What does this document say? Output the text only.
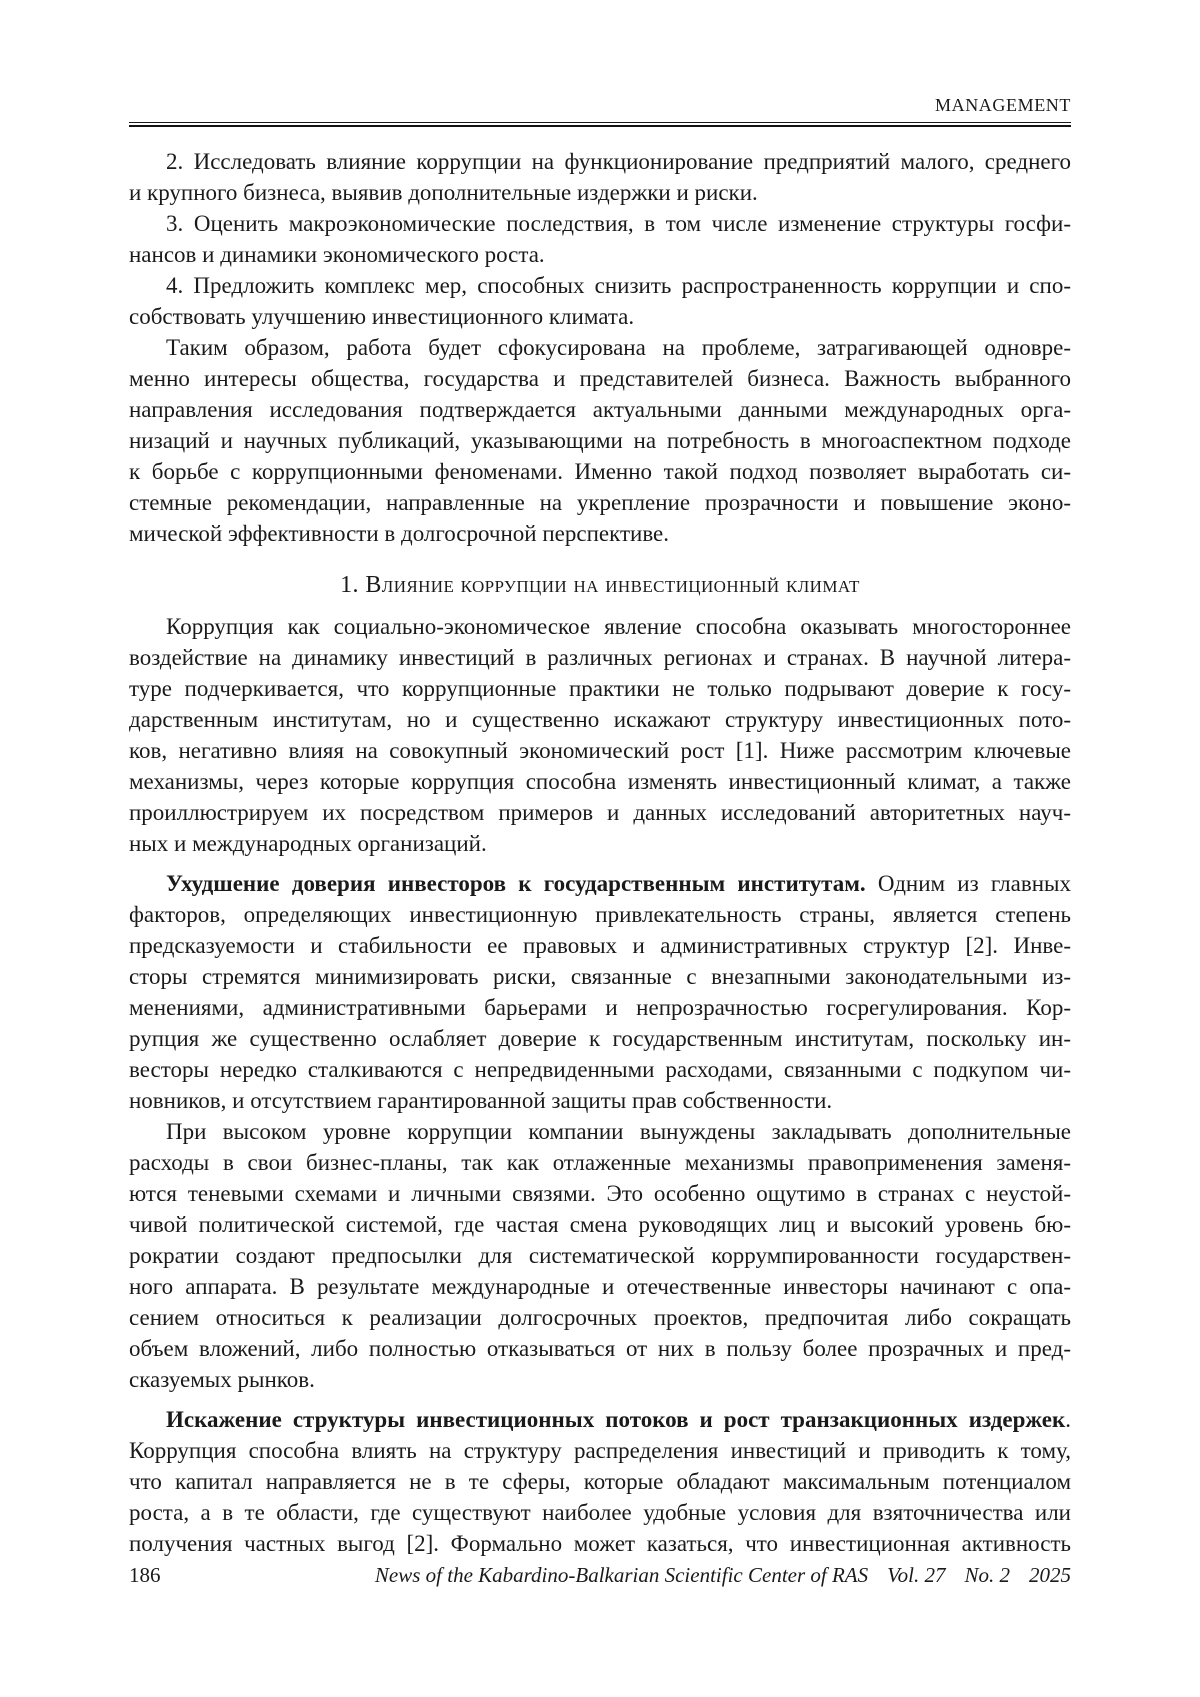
MANAGEMENT
2. Исследовать влияние коррупции на функционирование предприятий малого, среднего
и крупного бизнеса, выявив дополнительные издержки и риски.
3. Оценить макроэкономические последствия, в том числе изменение структуры госфи-
нансов и динамики экономического роста.
4. Предложить комплекс мер, способных снизить распространенность коррупции и спо-
собствовать улучшению инвестиционного климата.
Таким образом, работа будет сфокусирована на проблеме, затрагивающей одновре-
менно интересы общества, государства и представителей бизнеса. Важность выбранного
направления исследования подтверждается актуальными данными международных орга-
низаций и научных публикаций, указывающими на потребность в многоаспектном подходе
к борьбе с коррупционными феноменами. Именно такой подход позволяет выработать си-
стемные рекомендации, направленные на укрепление прозрачности и повышение эконо-
мической эффективности в долгосрочной перспективе.
1. Влияние коррупции на инвестиционный климат
Коррупция как социально-экономическое явление способна оказывать многостороннее
воздействие на динамику инвестиций в различных регионах и странах. В научной литера-
туре подчеркивается, что коррупционные практики не только подрывают доверие к госу-
дарственным институтам, но и существенно искажают структуру инвестиционных пото-
ков, негативно влияя на совокупный экономический рост [1]. Ниже рассмотрим ключевые
механизмы, через которые коррупция способна изменять инвестиционный климат, а также
проиллюстрируем их посредством примеров и данных исследований авторитетных науч-
ных и международных организаций.
Ухудшение доверия инвесторов к государственным институтам. Одним из главных
факторов, определяющих инвестиционную привлекательность страны, является степень
предсказуемости и стабильности ее правовых и административных структур [2]. Инве-
сторы стремятся минимизировать риски, связанные с внезапными законодательными из-
менениями, административными барьерами и непрозрачностью госрегулирования. Кор-
рупция же существенно ослабляет доверие к государственным институтам, поскольку ин-
весторы нередко сталкиваются с непредвиденными расходами, связанными с подкупом чи-
новников, и отсутствием гарантированной защиты прав собственности.
При высоком уровне коррупции компании вынуждены закладывать дополнительные
расходы в свои бизнес-планы, так как отлаженные механизмы правоприменения заменя-
ются теневыми схемами и личными связями. Это особенно ощутимо в странах с неустой-
чивой политической системой, где частая смена руководящих лиц и высокий уровень бю-
рократии создают предпосылки для систематической коррумпированности государствен-
ного аппарата. В результате международные и отечественные инвесторы начинают с опа-
сением относиться к реализации долгосрочных проектов, предпочитая либо сокращать
объем вложений, либо полностью отказываться от них в пользу более прозрачных и пред-
сказуемых рынков.
Искажение структуры инвестиционных потоков и рост транзакционных издержек.
Коррупция способна влиять на структуру распределения инвестиций и приводить к тому,
что капитал направляется не в те сферы, которые обладают максимальным потенциалом
роста, а в те области, где существуют наиболее удобные условия для взяточничества или
получения частных выгод [2]. Формально может казаться, что инвестиционная активность
186	News of the Kabardino-Balkarian Scientific Center of RAS Vol. 27 No. 2 2025
